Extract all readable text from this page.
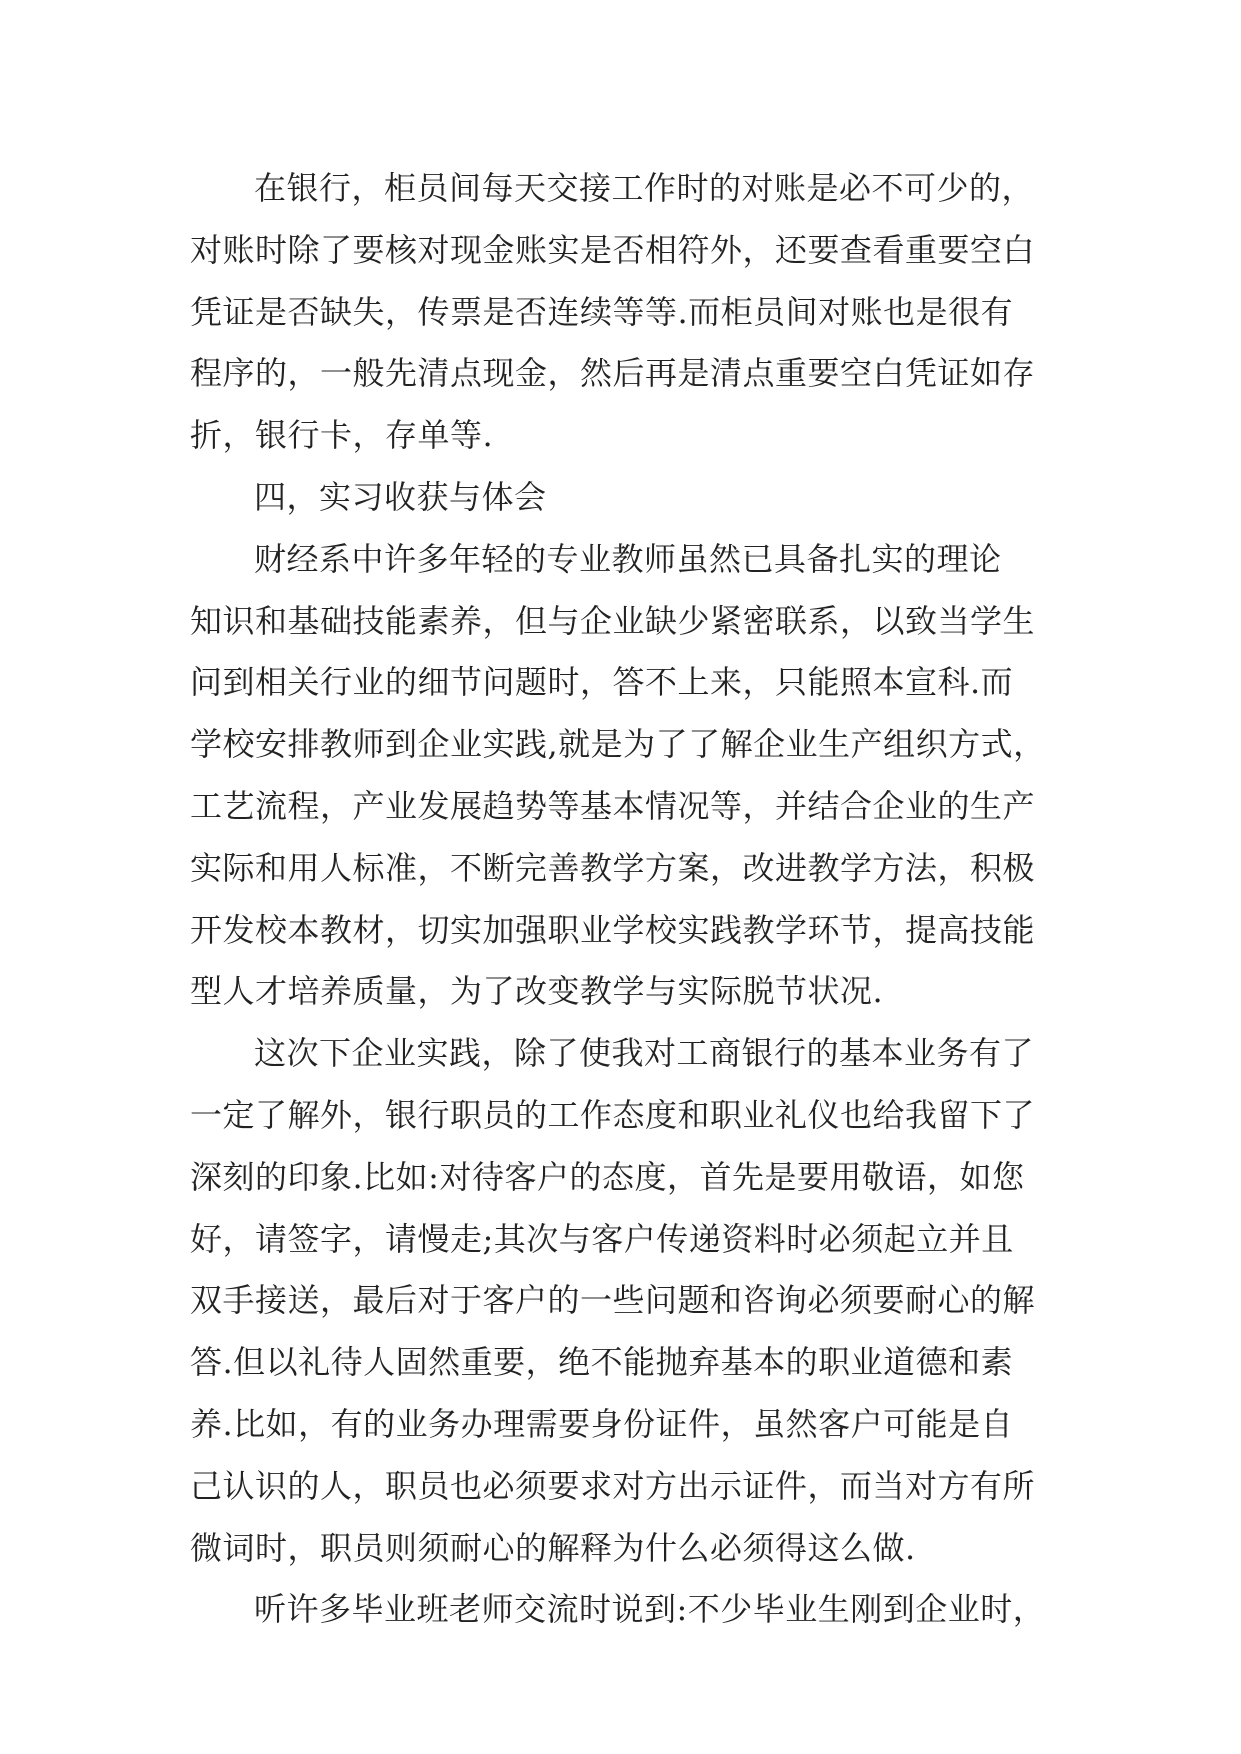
在银行，柜员间每天交接工作时的对账是必不可少的，
对账时除了要核对现金账实是否相符外，还要查看重要空白
凭证是否缺失，传票是否连续等等.而柜员间对账也是很有
程序的，一般先清点现金，然后再是清点重要空白凭证如存
折，银行卡，存单等.
四，实习收获与体会
财经系中许多年轻的专业教师虽然已具备扎实的理论
知识和基础技能素养，但与企业缺少紧密联系，以致当学生
问到相关行业的细节问题时，答不上来，只能照本宣科.而
学校安排教师到企业实践,就是为了了解企业生产组织方式，
工艺流程，产业发展趋势等基本情况等，并结合企业的生产
实际和用人标准，不断完善教学方案，改进教学方法，积极
开发校本教材，切实加强职业学校实践教学环节，提高技能
型人才培养质量，为了改变教学与实际脱节状况.
这次下企业实践，除了使我对工商银行的基本业务有了
一定了解外，银行职员的工作态度和职业礼仪也给我留下了
深刻的印象.比如:对待客户的态度，首先是要用敬语，如您
好，请签字，请慢走;其次与客户传递资料时必须起立并且
双手接送，最后对于客户的一些问题和咨询必须要耐心的解
答.但以礼待人固然重要，绝不能抛弃基本的职业道德和素
养.比如，有的业务办理需要身份证件，虽然客户可能是自
己认识的人，职员也必须要求对方出示证件，而当对方有所
微词时，职员则须耐心的解释为什么必须得这么做.
听许多毕业班老师交流时说到:不少毕业生刚到企业时，
